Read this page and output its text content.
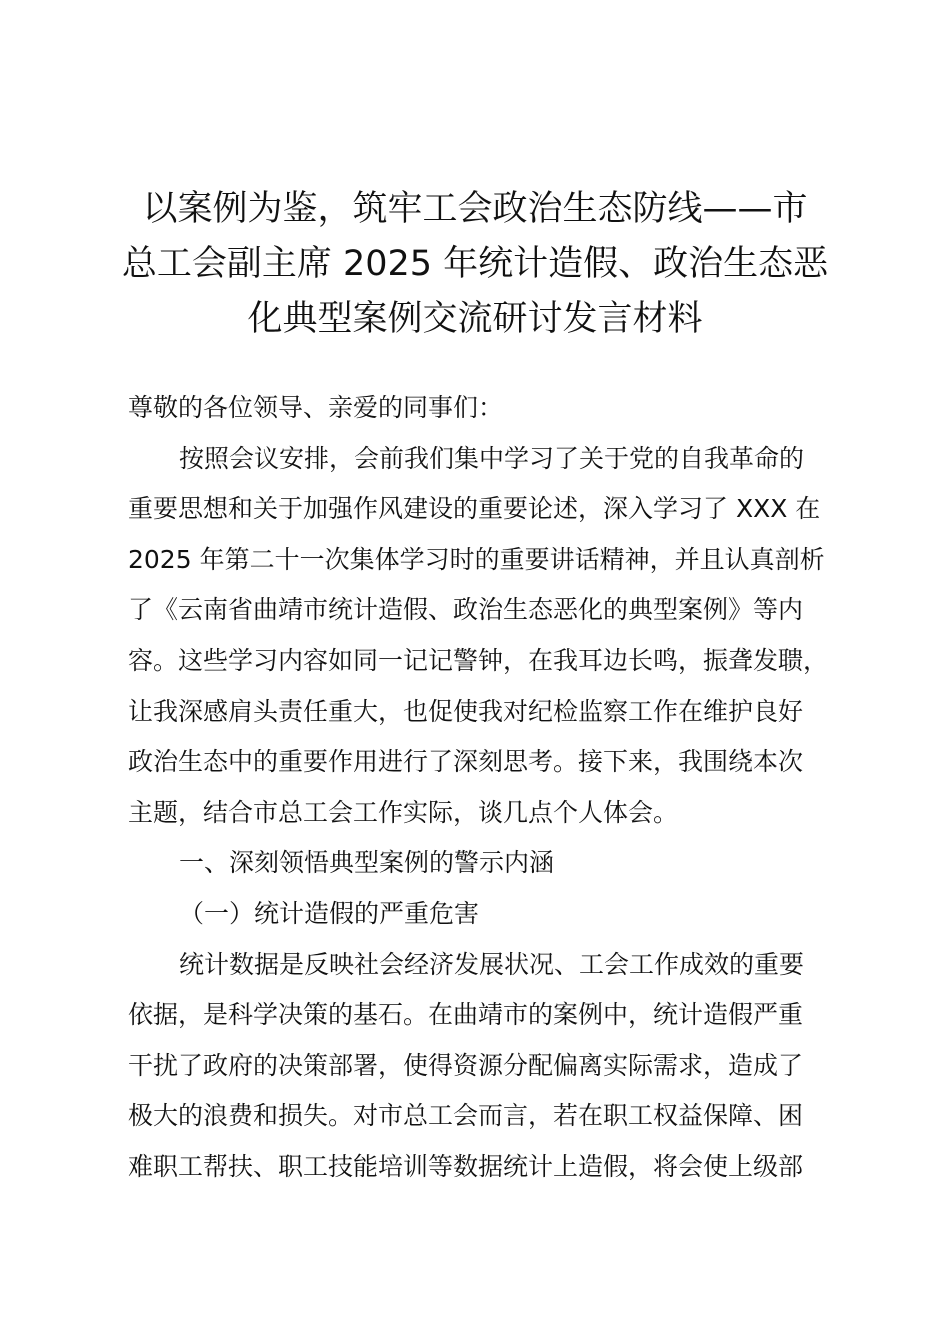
以案例为鉴，筑牢工会政治生态防线——市
总工会副主席 2025 年统计造假、政治生态恶
化典型案例交流研讨发言材料
尊敬的各位领导、亲爱的同事们：
按照会议安排，会前我们集中学习了关于党的自我革命的
重要思想和关于加强作风建设的重要论述，深入学习了 XXX 在
2025 年第二十一次集体学习时的重要讲话精神，并且认真剖析
了《云南省曲靖市统计造假、政治生态恶化的典型案例》等内
容。这些学习内容如同一记记警钟，在我耳边长鸣，振聋发聩，
让我深感肩头责任重大，也促使我对纪检监察工作在维护良好
政治生态中的重要作用进行了深刻思考。接下来，我围绕本次
主题，结合市总工会工作实际，谈几点个人体会。
一、深刻领悟典型案例的警示内涵
（一）统计造假的严重危害
统计数据是反映社会经济发展状况、工会工作成效的重要
依据，是科学决策的基石。在曲靖市的案例中，统计造假严重
干扰了政府的决策部署，使得资源分配偏离实际需求，造成了
极大的浪费和损失。对市总工会而言，若在职工权益保障、困
难职工帮扶、职工技能培训等数据统计上造假，将会使上级部
